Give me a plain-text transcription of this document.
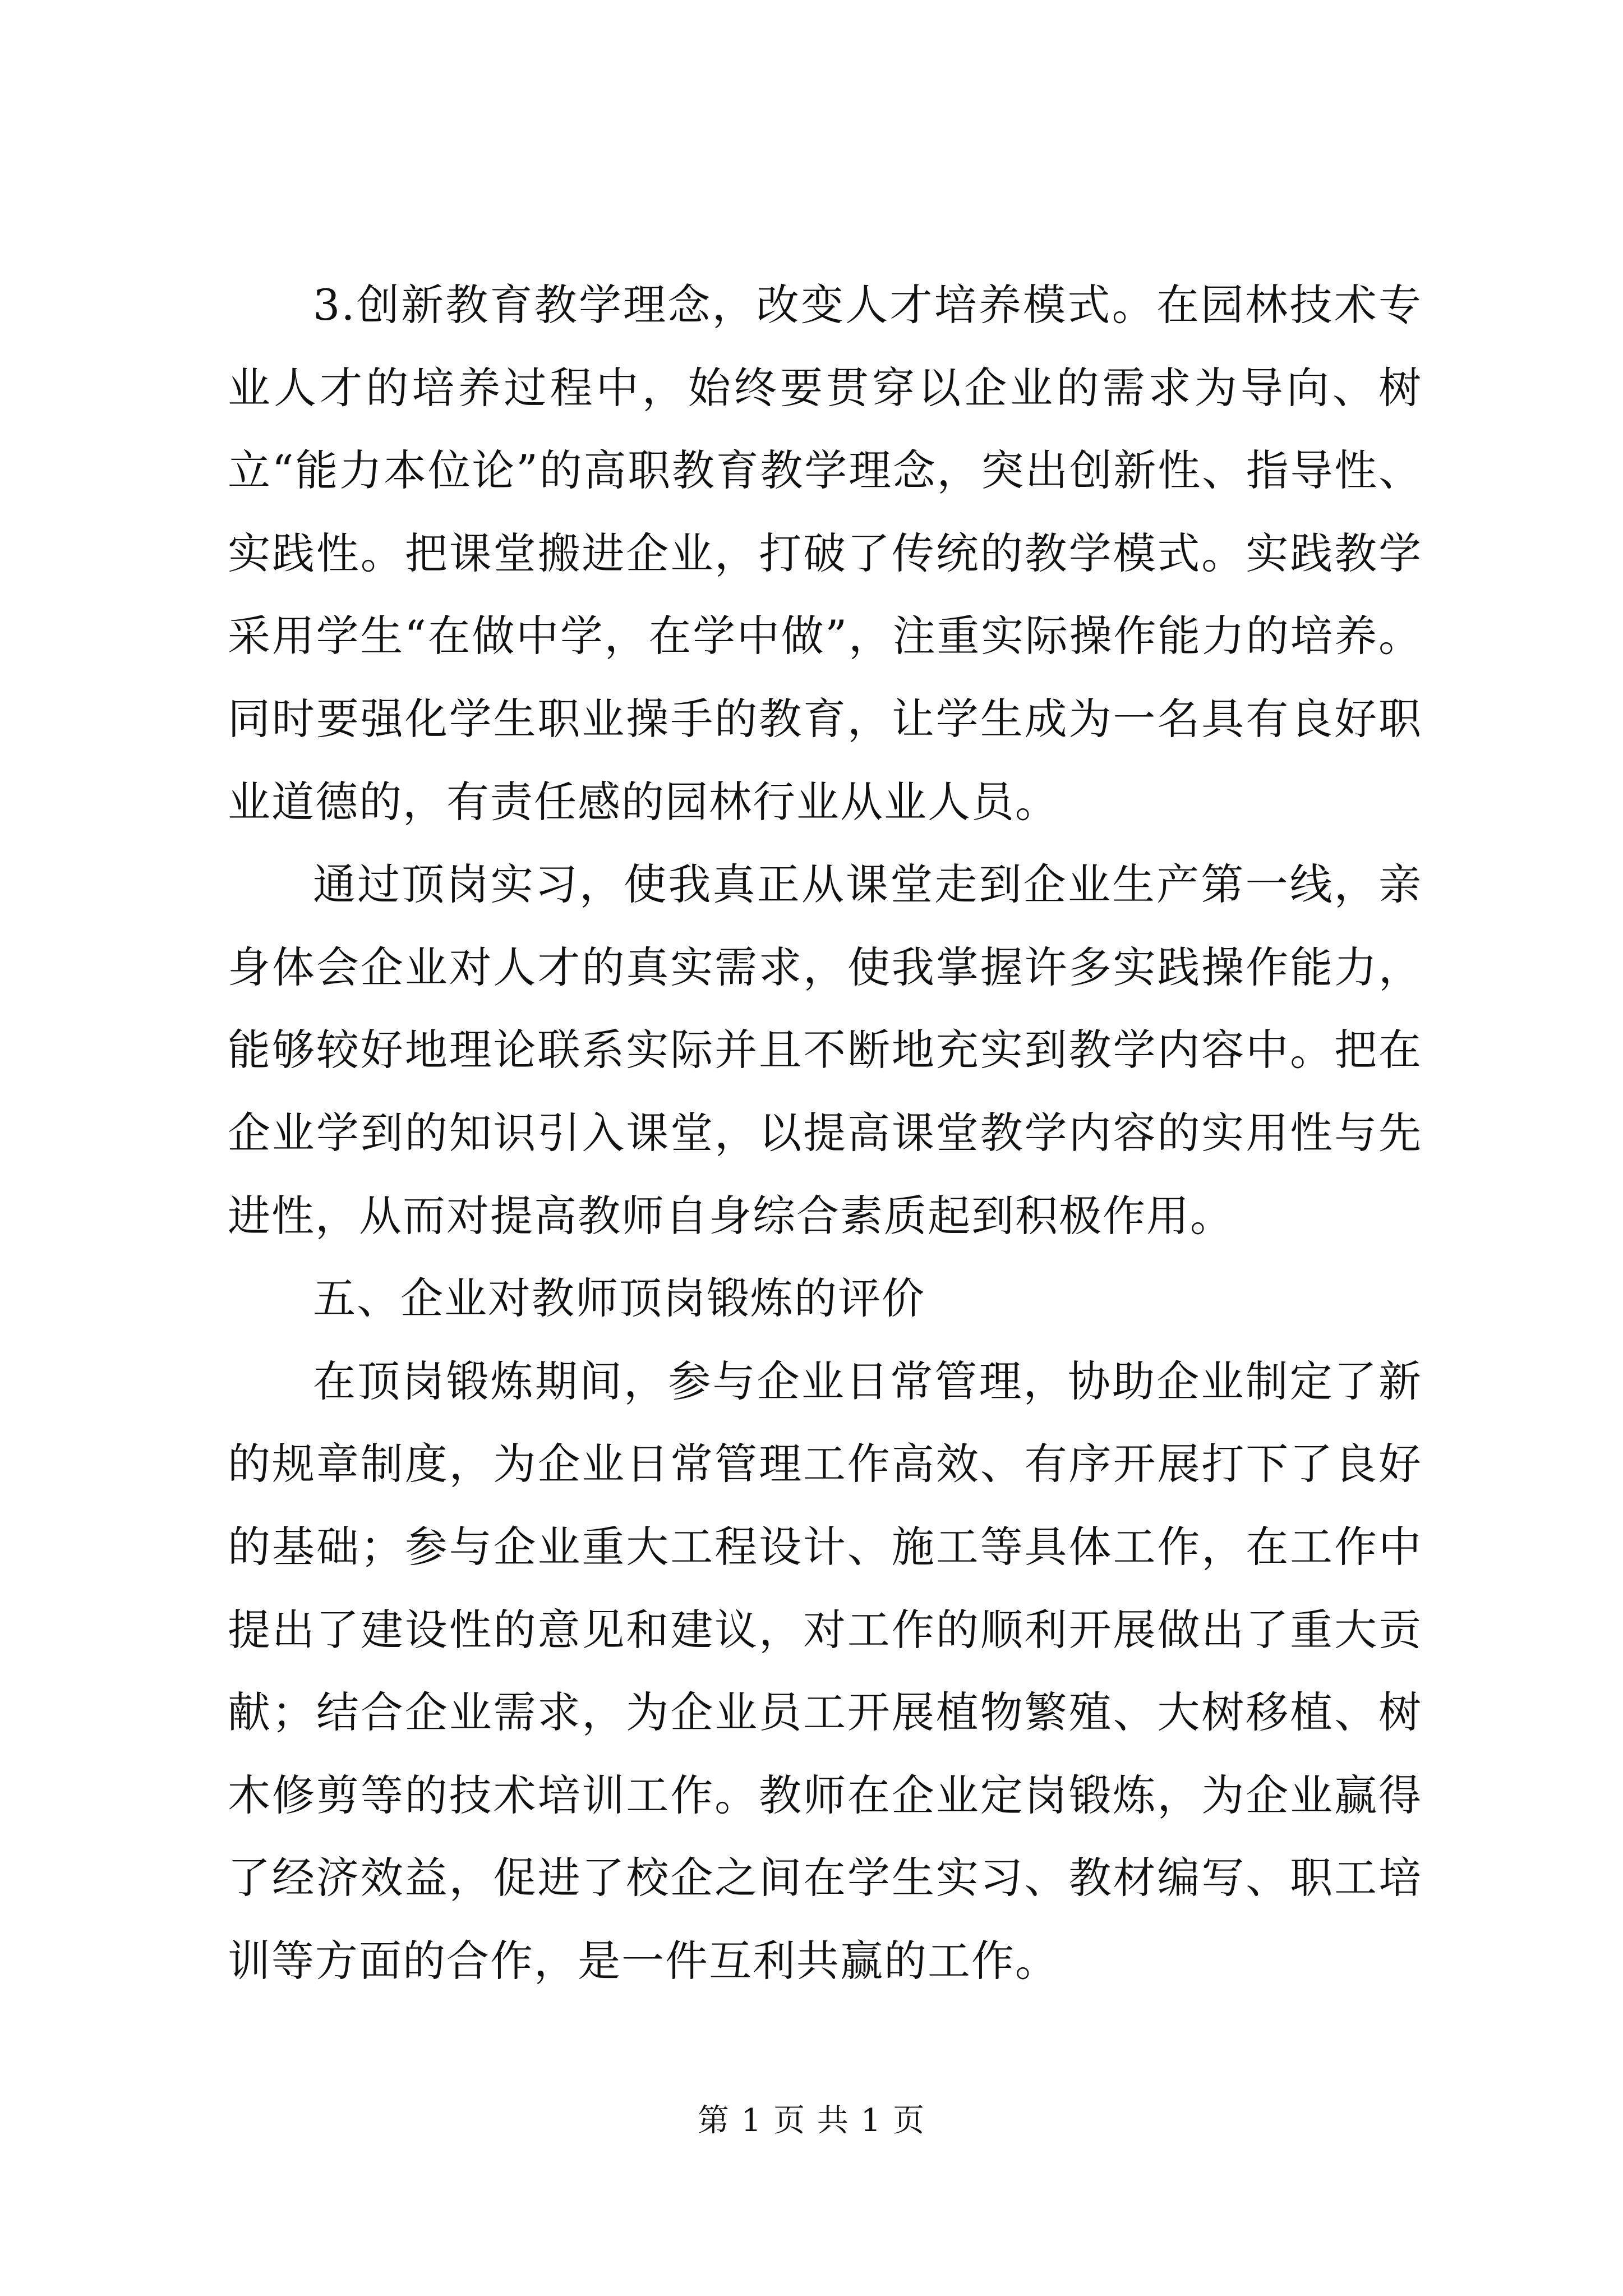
3.创新教育教学理念，改变人才培养模式。在园林技术专业人才的培养过程中，始终要贯穿以企业的需求为导向、树立“能力本位论”的高职教育教学理念，突出创新性、指导性、实践性。把课堂搬进企业，打破了传统的教学模式。实践教学采用学生“在做中学，在学中做”，注重实际操作能力的培养。同时要强化学生职业操手的教育，让学生成为一名具有良好职业道德的，有责任感的园林行业从业人员。

通过顶岗实习，使我真正从课堂走到企业生产第一线，亲身体会企业对人才的真实需求，使我掌握许多实践操作能力，能够较好地理论联系实际并且不断地充实到教学内容中。把在企业学到的知识引入课堂，以提高课堂教学内容的实用性与先进性，从而对提高教师自身综合素质起到积极作用。

五、企业对教师顶岗锻炼的评价

在顶岗锻炼期间，参与企业日常管理，协助企业制定了新的规章制度，为企业日常管理工作高效、有序开展打下了良好的基础；参与企业重大工程设计、施工等具体工作，在工作中提出了建设性的意见和建议，对工作的顺利开展做出了重大贡献；结合企业需求，为企业员工开展植物繁殖、大树移植、树木修剪等的技术培训工作。教师在企业定岗锻炼，为企业赢得了经济效益，促进了校企之间在学生实习、教材编写、职工培训等方面的合作，是一件互利共赢的工作。

第 1 页 共 1 页
